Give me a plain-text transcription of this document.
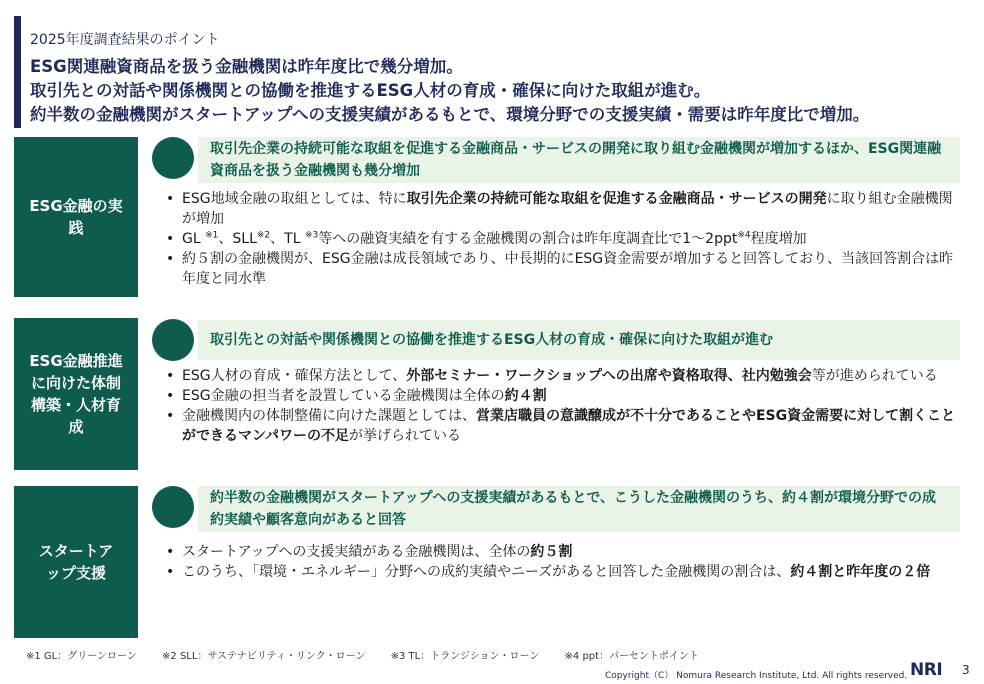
2025年度調査結果のポイント
ESG関連融資商品を扱う金融機関は昨年度比で幾分増加。
取引先との対話や関係機関との協働を推進するESG人材の育成・確保に向けた取組が進む。
約半数の金融機関がスタートアップへの支援実績があるもとで、環境分野での支援実績・需要は昨年度比で増加。
ESG金融の実践
取引先企業の持続可能な取組を促進する金融商品・サービスの開発に取り組む金融機関が増加するほか、ESG関連融資商品を扱う金融機関も幾分増加
• ESG地域金融の取組としては、特に取引先企業の持続可能な取組を促進する金融商品・サービスの開発に取り組む金融機関が増加
• GL $^{※1}$、SLL$^{※2}$、TL $^{※3}$等への融資実績を有する金融機関の割合は昨年度調査比で1～2ppt$^{※4}$程度増加
• 約５割の金融機関が、ESG金融は成長領域であり、中長期的にESG資金需要が増加すると回答しており、当該回答割合は昨年度と同水準
ESG金融推進に向けた体制構築・人材育成
取引先との対話や関係機関との協働を推進するESG人材の育成・確保に向けた取組が進む
• ESG人材の育成・確保方法として、外部セミナー・ワークショップへの出席や資格取得、社内勉強会等が進められている
• ESG金融の担当者を設置している金融機関は全体の約４割
• 金融機関内の体制整備に向けた課題としては、営業店職員の意識醸成が不十分であることやESG資金需要に対して割くことができるマンパワーの不足が挙げられている
スタートアップ支援
約半数の金融機関がスタートアップへの支援実績があるもとで、こうした金融機関のうち、約４割が環境分野での成約実績や顧客意向があると回答
• スタートアップへの支援実績がある金融機関は、全体の約５割
• このうち、「環境・エネルギー」分野への成約実績やニーズがあると回答した金融機関の割合は、約４割と昨年度の２倍
※1 GL：グリーンローン	※2 SLL：サステナビリティ・リンク・ローン	※3 TL：トランジション・ローン	※4 ppt：パーセントポイント
Copyright（C） Nomura Research Institute, Ltd. All rights reserved. NRI 3
